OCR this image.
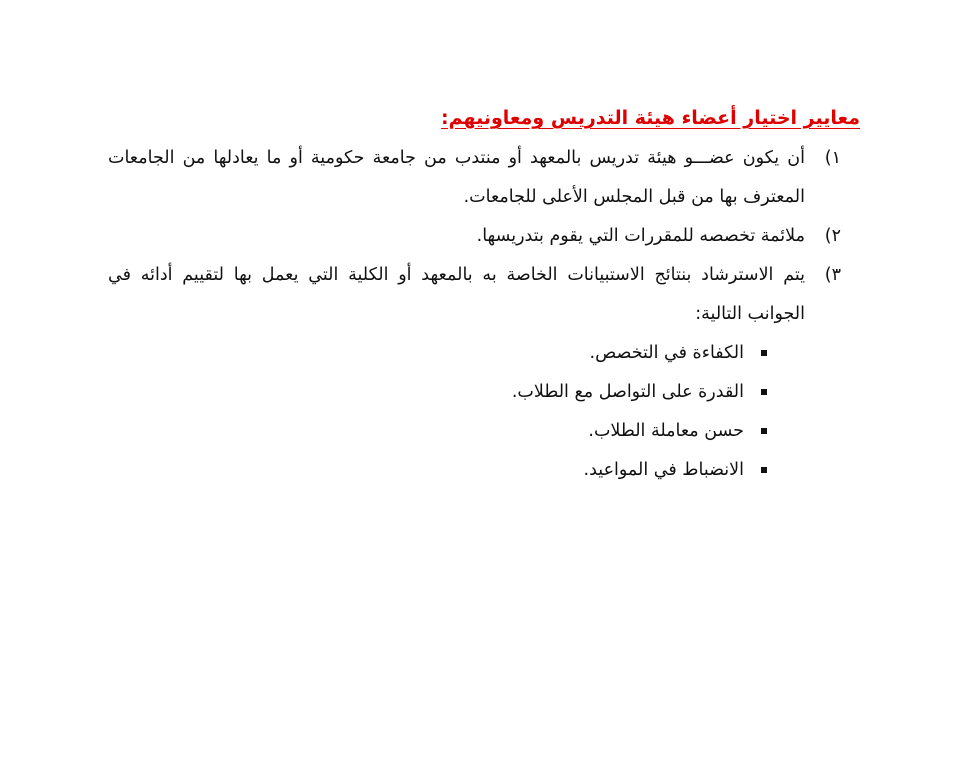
معايير اختيار أعضاء هيئة التدريس ومعاونيهم:
١)
أن يكون عضـــو هيئة تدريس بالمعهد أو منتدب من جامعة حكومية أو ما يعادلها من الجامعات المعترف بها من قبل المجلس الأعلى للجامعات.
٢)
ملائمة تخصصه للمقررات التي يقوم بتدريسها.
٣)
يتم الاسترشاد بنتائج الاستبيانات الخاصة به بالمعهد أو الكلية التي يعمل بها لتقييم أدائه في الجوانب التالية:
الكفاءة في التخصص.
القدرة على التواصل مع الطلاب.
حسن معاملة الطلاب.
الانضباط في المواعيد.
